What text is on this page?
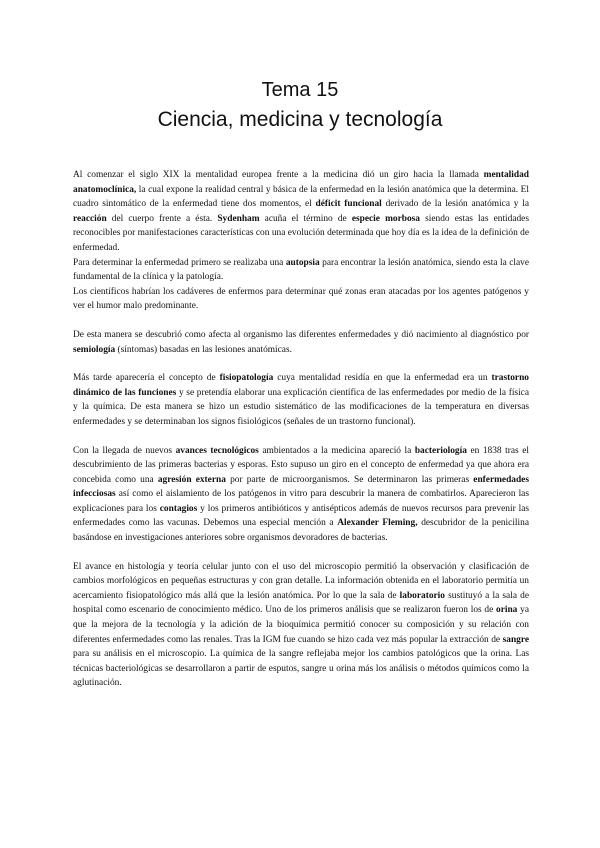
Tema 15
Ciencia, medicina y tecnología

Al comenzar el siglo XIX la mentalidad europea frente a la medicina dió un giro hacia la llamada mentalidad anatomoclínica, la cual expone la realidad central y básica de la enfermedad en la lesión anatómica que la determina. El cuadro sintomático de la enfermedad tiene dos momentos, el déficit funcional derivado de la lesión anatómica y la reacción del cuerpo frente a ésta. Sydenham acuña el término de especie morbosa siendo estas las entidades reconocibles por manifestaciones características con una evolución determinada que hoy día es la idea de la definición de enfermedad.

Para determinar la enfermedad primero se realizaba una autopsia para encontrar la lesión anatómica, siendo esta la clave fundamental de la clínica y la patología.

Los científicos habrían los cadáveres de enfermos para determinar qué zonas eran atacadas por los agentes patógenos y ver el humor malo predominante.

De esta manera se descubrió como afecta al organismo las diferentes enfermedades y dió nacimiento al diagnóstico por semiología (síntomas) basadas en las lesiones anatómicas.

Más tarde aparecería el concepto de fisiopatología cuya mentalidad residía en que la enfermedad era un trastorno dinámico de las funciones y se pretendía elaborar una explicación científica de las enfermedades por medio de la física y la química. De esta manera se hizo un estudio sistemático de las modificaciones de la temperatura en diversas enfermedades y se determinaban los signos fisiológicos (señales de un trastorno funcional).

Con la llegada de nuevos avances tecnológicos ambientados a la medicina apareció la bacteriología en 1838 tras el descubrimiento de las primeras bacterias y esporas. Esto supuso un giro en el concepto de enfermedad ya que ahora era concebida como una agresión externa por parte de microorganismos. Se determinaron las primeras enfermedades infecciosas así como el aislamiento de los patógenos in vitro para descubrir la manera de combatirlos. Aparecieron las explicaciones para los contagios y los primeros antibióticos y antisépticos además de nuevos recursos para prevenir las enfermedades como las vacunas. Debemos una especial mención a Alexander Fleming, descubridor de la penicilina basándose en investigaciones anteriores sobre organismos devoradores de bacterias.

El avance en histología y teoría celular junto con el uso del microscopio permitió la observación y clasificación de cambios morfológicos en pequeñas estructuras y con gran detalle. La información obtenida en el laboratorio permitía un acercamiento fisiopatológico más allá que la lesión anatómica. Por lo que la sala de laboratorio sustituyó a la sala de hospital como escenario de conocimiento médico. Uno de los primeros análisis que se realizaron fueron los de orina ya que la mejora de la tecnología y la adición de la bioquímica permitió conocer su composición y su relación con diferentes enfermedades como las renales. Tras la IGM fue cuando se hizo cada vez más popular la extracción de sangre para su análisis en el microscopio. La química de la sangre reflejaba mejor los cambios patológicos que la orina. Las técnicas bacteriológicas se desarrollaron a partir de esputos, sangre u orina más los análisis o métodos químicos como la aglutinación.
